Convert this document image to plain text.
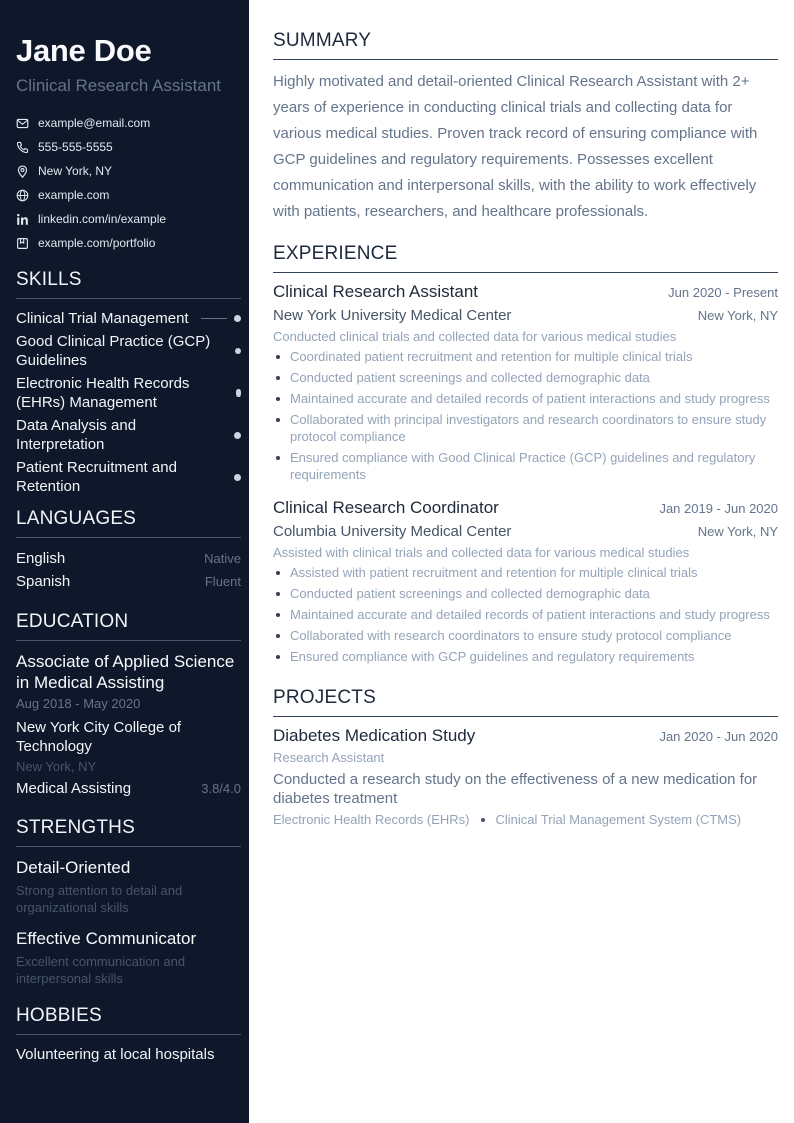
Jane Doe
Clinical Research Assistant
example@email.com
555-555-5555
New York, NY
example.com
linkedin.com/in/example
example.com/portfolio
SKILLS
Clinical Trial Management
Good Clinical Practice (GCP) Guidelines
Electronic Health Records (EHRs) Management
Data Analysis and Interpretation
Patient Recruitment and Retention
LANGUAGES
English	Native
Spanish	Fluent
EDUCATION
Associate of Applied Science in Medical Assisting
Aug 2018 - May 2020
New York City College of Technology
New York, NY
Medical Assisting	3.8/4.0
STRENGTHS
Detail-Oriented
Strong attention to detail and organizational skills
Effective Communicator
Excellent communication and interpersonal skills
HOBBIES
Volunteering at local hospitals
SUMMARY
Highly motivated and detail-oriented Clinical Research Assistant with 2+ years of experience in conducting clinical trials and collecting data for various medical studies. Proven track record of ensuring compliance with GCP guidelines and regulatory requirements. Possesses excellent communication and interpersonal skills, with the ability to work effectively with patients, researchers, and healthcare professionals.
EXPERIENCE
Clinical Research Assistant	Jun 2020 - Present
New York University Medical Center	New York, NY
Conducted clinical trials and collected data for various medical studies
Coordinated patient recruitment and retention for multiple clinical trials
Conducted patient screenings and collected demographic data
Maintained accurate and detailed records of patient interactions and study progress
Collaborated with principal investigators and research coordinators to ensure study protocol compliance
Ensured compliance with Good Clinical Practice (GCP) guidelines and regulatory requirements
Clinical Research Coordinator	Jan 2019 - Jun 2020
Columbia University Medical Center	New York, NY
Assisted with clinical trials and collected data for various medical studies
Assisted with patient recruitment and retention for multiple clinical trials
Conducted patient screenings and collected demographic data
Maintained accurate and detailed records of patient interactions and study progress
Collaborated with research coordinators to ensure study protocol compliance
Ensured compliance with GCP guidelines and regulatory requirements
PROJECTS
Diabetes Medication Study	Jan 2020 - Jun 2020
Research Assistant
Conducted a research study on the effectiveness of a new medication for diabetes treatment
Electronic Health Records (EHRs) Clinical Trial Management System (CTMS)
